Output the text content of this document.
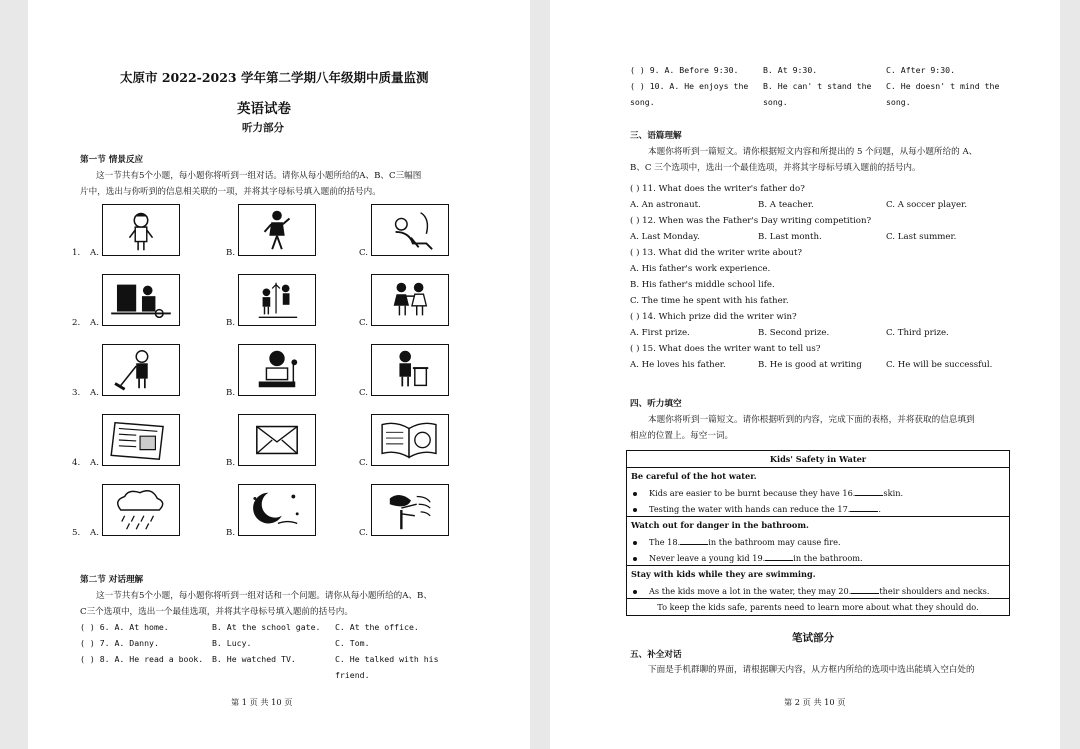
太原市 2022-2023 学年第二学期八年级期中质量监测
英语试卷
听力部分
第一节 情景反应
这一节共有5个小题，每小题你将听到一组对话。请你从每小题所给的A、B、C三幅图
片中，选出与你听到的信息相关联的一项，并将其字母标号填入题前的括号内。
1. A.	B.	C.
2. A.	B.	C.
3. A.	B.	C.
4. A.	B.	C.
5. A.	B.	C.
第二节 对话理解
这一节共有5个小题，每小题你将听到一组对话和一个问题。请你从每小题所给的A、B、
C三个选项中，选出一个最佳选项，并将其字母标号填入题前的括号内。
( ) 6. A. At home.	B. At the school gate. C. At the office.
( ) 7. A. Danny.	B. Lucy.	C. Tom.
( ) 8. A. He read a book. B. He watched TV.	C. He talked with his
friend.
第 1 页 共 10 页
( ) 9. A. Before 9:30.	B. At 9:30.	C. After 9:30.
( ) 10. A. He enjoys the
song.
B. He can' t stand the
song.
C. He doesn' t mind the
song.
三、语篇理解
本题你将听到一篇短文。请你根据短文内容和所提出的 5 个问题，从每小题所给的 A、
B、C 三个选项中，选出一个最佳选项，并将其字母标号填入题前的括号内。
( ) 11. What does the writer's father do?
A. An astronaut.	B. A teacher.	C. A soccer player.
( ) 12. When was the Father's Day writing competition?
A. Last Monday.	B. Last month.	C. Last summer.
( ) 13. What did the writer write about?
A. His father's work experience.
B. His father's middle school life.
C. The time he spent with his father.
( ) 14. Which prize did the writer win?
A. First prize.	B. Second prize.	C. Third prize.
( ) 15. What does the writer want to tell us?
A. He loves his father.	B. He is good at writing	C. He will be successful.
四、听力填空
本题你将听到一篇短文。请你根据听到的内容，完成下面的表格，并将获取的信息填到
相应的位置上。每空一词。
Kids' Safety in Water
Be careful of the hot water.
Kids are easier to be burnt because they have 16.	skin.
Testing the water with hands can reduce the 17.	.
Watch out for danger in the bathroom.
The 18.	in the bathroom may cause fire.
Never leave a young kid 19.	in the bathroom.
Stay with kids while they are swimming.
As the kids move a lot in the water, they may 20.	their shoulders and necks.
To keep the kids safe, parents need to learn more about what they should do.
笔试部分
五、补全对话
下面是手机群聊的界面，请根据聊天内容，从方框内所给的选项中选出能填入空白处的
第 2 页 共 10 页
